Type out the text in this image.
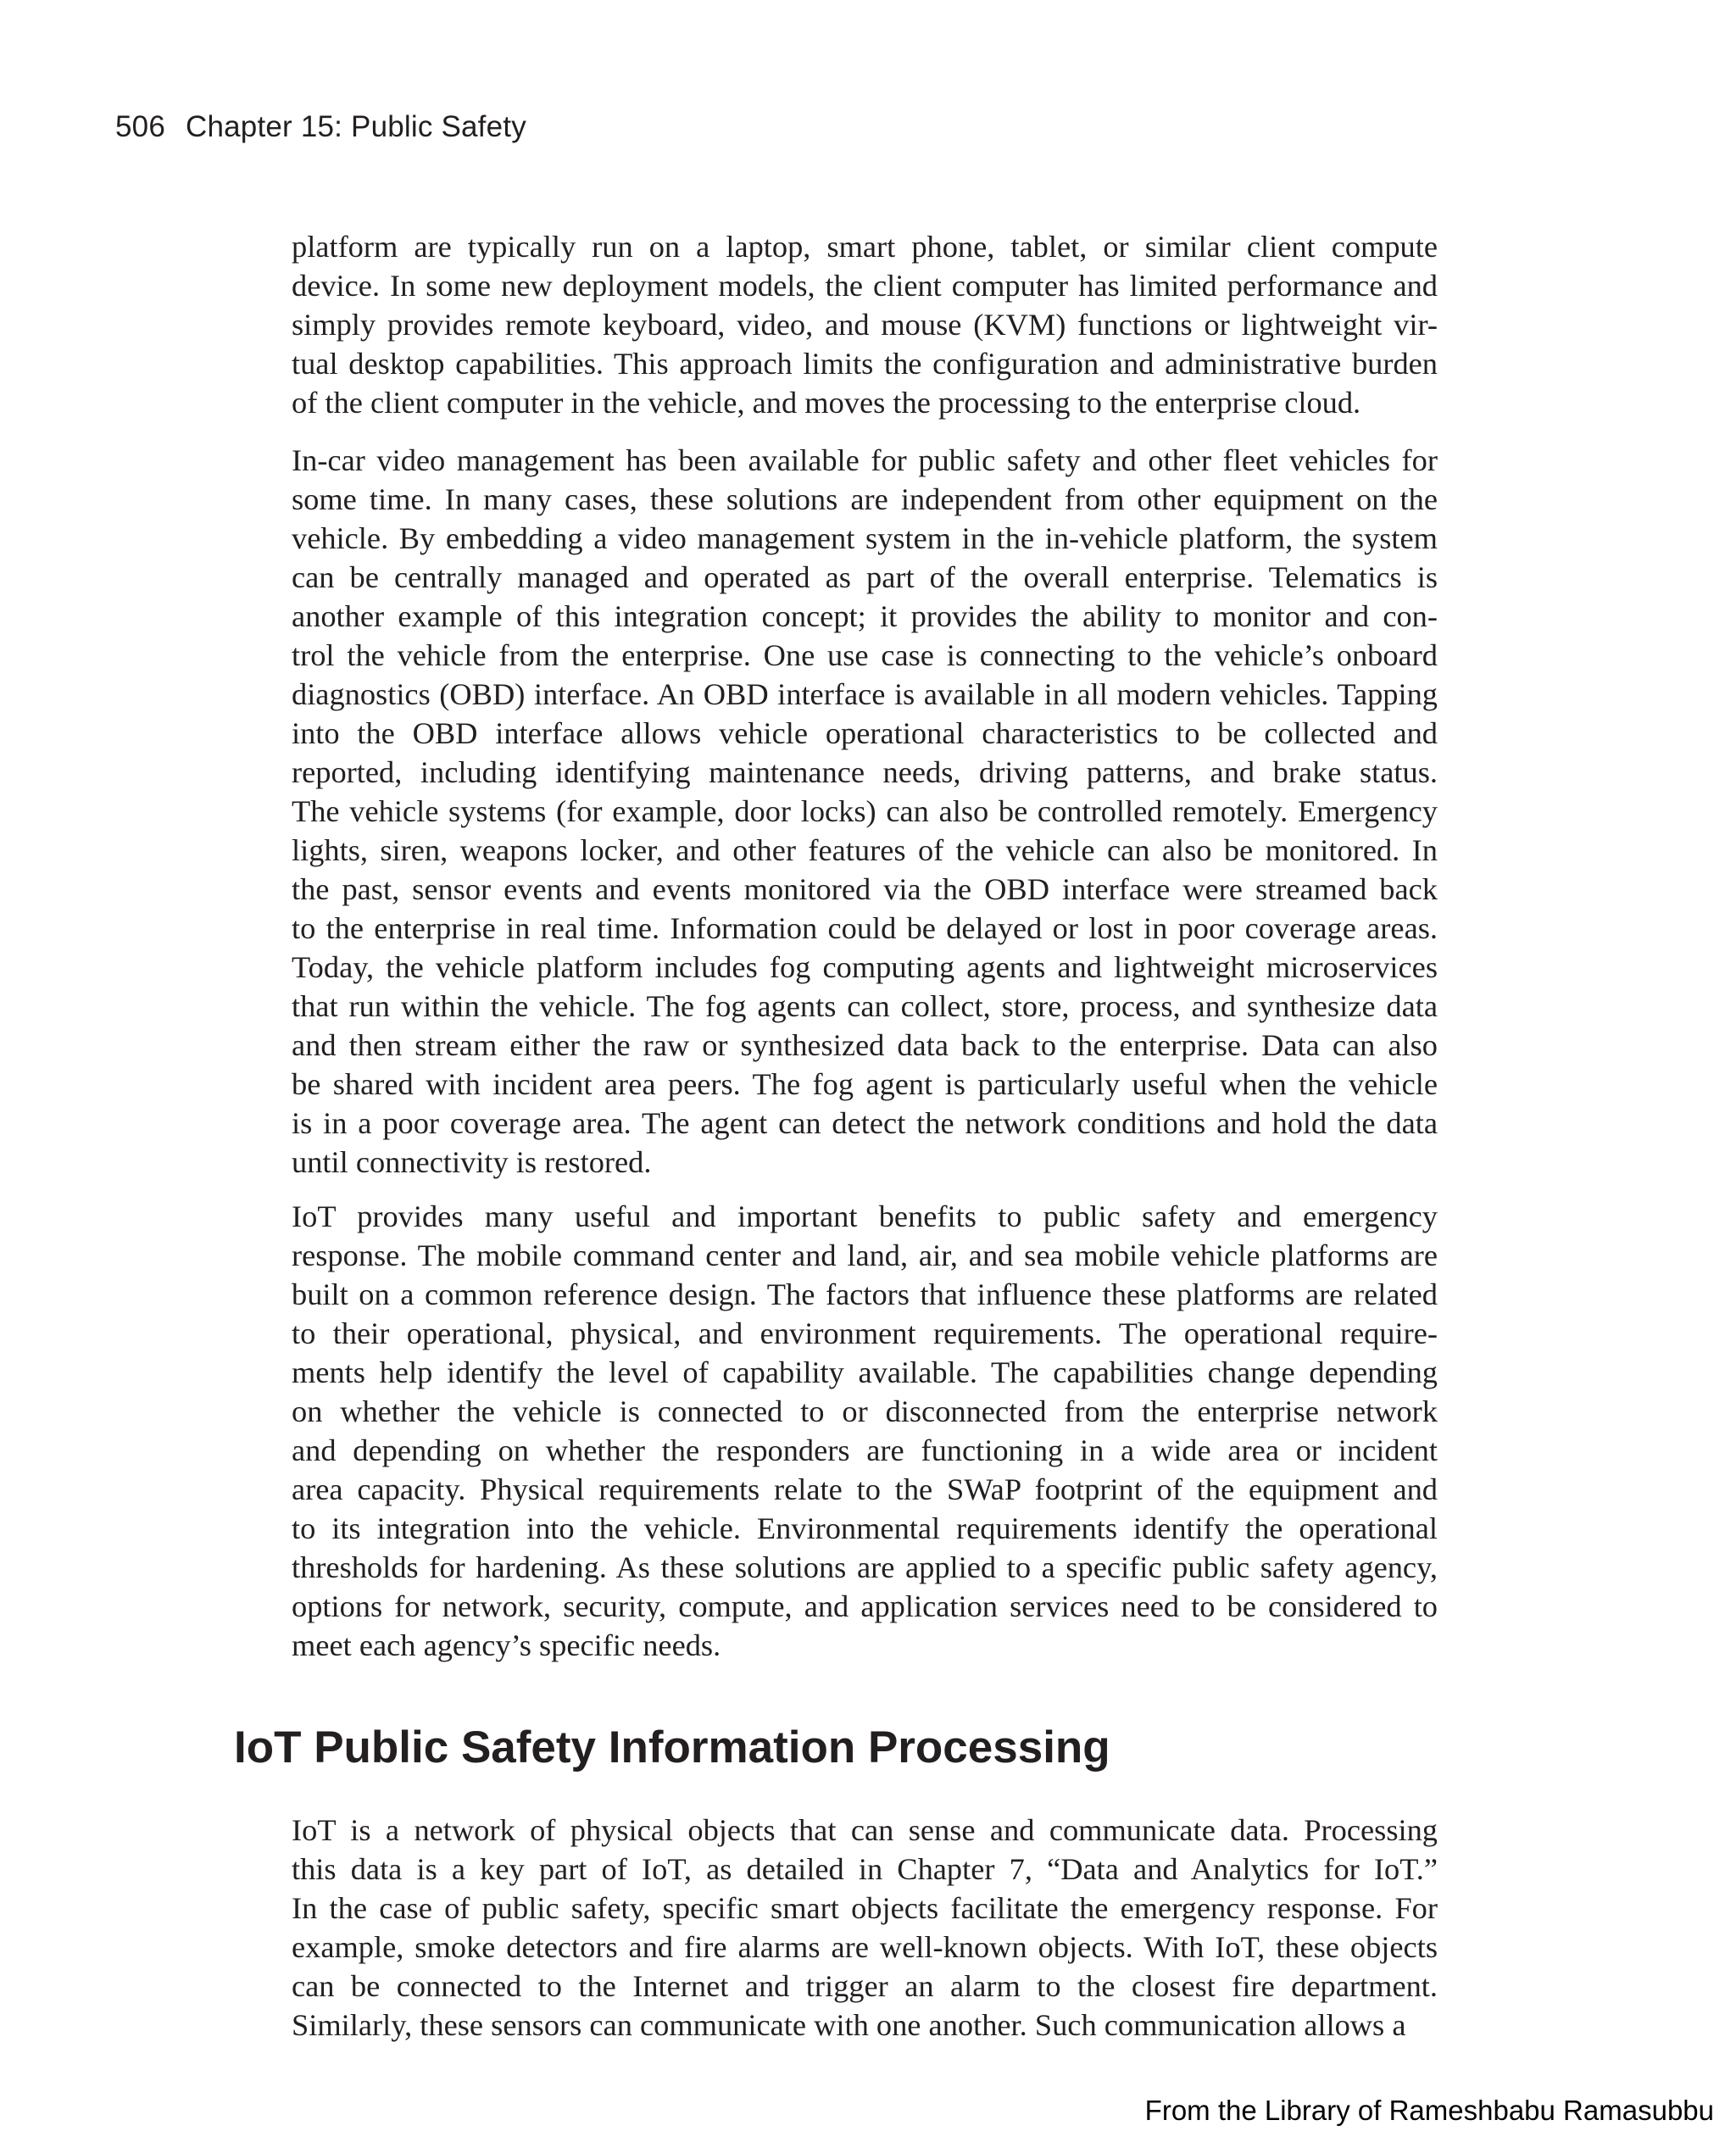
506 Chapter 15: Public Safety
platform are typically run on a laptop, smart phone, tablet, or similar client compute
device. In some new deployment models, the client computer has limited performance and
simply provides remote keyboard, video, and mouse (KVM) functions or lightweight vir-
tual desktop capabilities. This approach limits the configuration and administrative burden
of the client computer in the vehicle, and moves the processing to the enterprise cloud.
In-car video management has been available for public safety and other fleet vehicles for
some time. In many cases, these solutions are independent from other equipment on the
vehicle. By embedding a video management system in the in-vehicle platform, the system
can be centrally managed and operated as part of the overall enterprise. Telematics is
another example of this integration concept; it provides the ability to monitor and con-
trol the vehicle from the enterprise. One use case is connecting to the vehicle’s onboard
diagnostics (OBD) interface. An OBD interface is available in all modern vehicles. Tapping
into the OBD interface allows vehicle operational characteristics to be collected and
reported, including identifying maintenance needs, driving patterns, and brake status.
The vehicle systems (for example, door locks) can also be controlled remotely. Emergency
lights, siren, weapons locker, and other features of the vehicle can also be monitored. In
the past, sensor events and events monitored via the OBD interface were streamed back
to the enterprise in real time. Information could be delayed or lost in poor coverage areas.
Today, the vehicle platform includes fog computing agents and lightweight microservices
that run within the vehicle. The fog agents can collect, store, process, and synthesize data
and then stream either the raw or synthesized data back to the enterprise. Data can also
be shared with incident area peers. The fog agent is particularly useful when the vehicle
is in a poor coverage area. The agent can detect the network conditions and hold the data
until connectivity is restored.
IoT provides many useful and important benefits to public safety and emergency
response. The mobile command center and land, air, and sea mobile vehicle platforms are
built on a common reference design. The factors that influence these platforms are related
to their operational, physical, and environment requirements. The operational require-
ments help identify the level of capability available. The capabilities change depending
on whether the vehicle is connected to or disconnected from the enterprise network
and depending on whether the responders are functioning in a wide area or incident
area capacity. Physical requirements relate to the SWaP footprint of the equipment and
to its integration into the vehicle. Environmental requirements identify the operational
thresholds for hardening. As these solutions are applied to a specific public safety agency,
options for network, security, compute, and application services need to be considered to
meet each agency’s specific needs.
IoT Public Safety Information Processing
IoT is a network of physical objects that can sense and communicate data. Processing
this data is a key part of IoT, as detailed in Chapter 7, “Data and Analytics for IoT.”
In the case of public safety, specific smart objects facilitate the emergency response. For
example, smoke detectors and fire alarms are well-known objects. With IoT, these objects
can be connected to the Internet and trigger an alarm to the closest fire department.
Similarly, these sensors can communicate with one another. Such communication allows a
From the Library of Rameshbabu Ramasubbu
